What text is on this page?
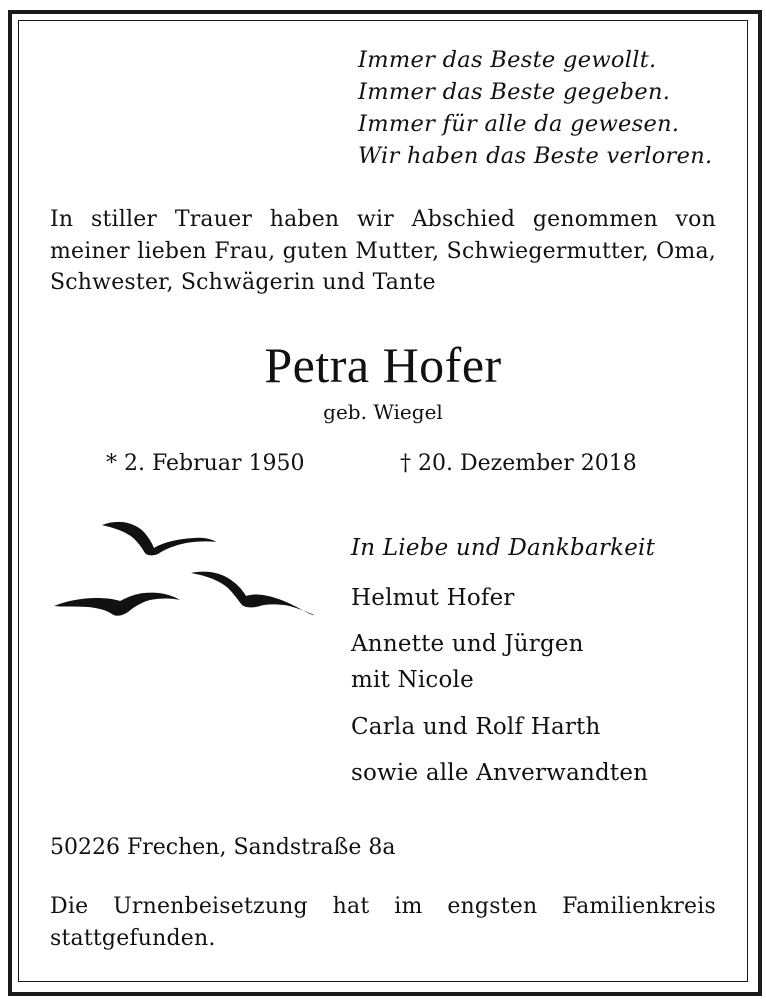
Immer das Beste gewollt.
Immer das Beste gegeben.
Immer für alle da gewesen.
Wir haben das Beste verloren.
In stiller Trauer haben wir Abschied genommen von meiner lieben Frau, guten Mutter, Schwiegermutter, Oma, Schwester, Schwägerin und Tante
Petra Hofer
geb. Wiegel
* 2. Februar 1950	† 20. Dezember 2018
In Liebe und Dankbarkeit
Helmut Hofer
Annette und Jürgen
mit Nicole
Carla und Rolf Harth
sowie alle Anverwandten
50226 Frechen, Sandstraße 8a
Die Urnenbeisetzung hat im engsten Familienkreis stattgefunden.
